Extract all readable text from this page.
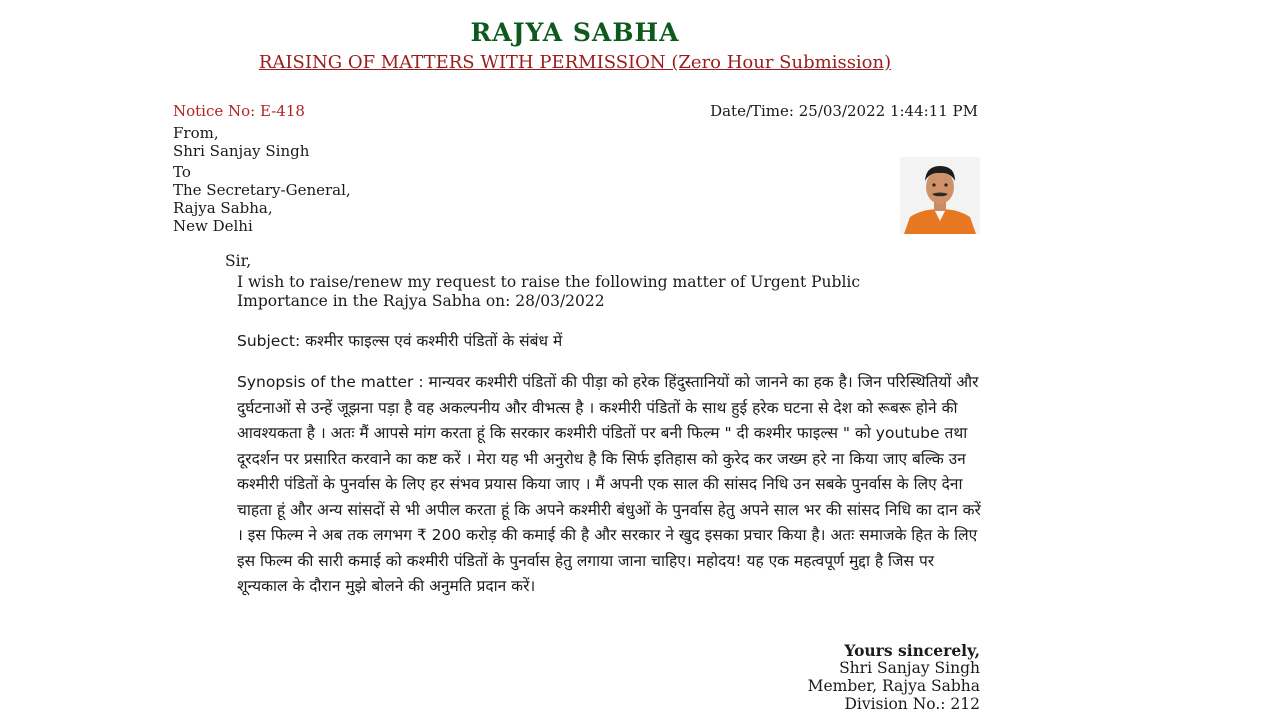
RAJYA SABHA
RAISING OF MATTERS WITH PERMISSION (Zero Hour Submission)
Notice No: E-418	Date/Time: 25/03/2022 1:44:11 PM
From,
Shri Sanjay Singh
To
The Secretary-General,
Rajya Sabha,
New Delhi
Sir,
I wish to raise/renew my request to raise the following matter of Urgent Public
Importance in the Rajya Sabha on: 28/03/2022
Subject: कश्मीर फाइल्स एवं कश्मीरी पंडितों के संबंध में
Synopsis of the matter : मान्यवर कश्मीरी पंडितों की पीड़ा को हरेक हिंदुस्तानियों को जानने का हक है। जिन परिस्थितियों और दुर्घटनाओं से उन्हें जूझना पड़ा है वह अकल्पनीय और वीभत्स है । कश्मीरी पंडितों के साथ हुई हरेक घटना से देश को रूबरू होने की आवश्यकता है । अतः मैं आपसे मांग करता हूं कि सरकार कश्मीरी पंडितों पर बनी फिल्म " दी कश्मीर फाइल्स " को youtube तथा दूरदर्शन पर प्रसारित करवाने का कष्ट करें । मेरा यह भी अनुरोध है कि सिर्फ इतिहास को कुरेद कर जख्म हरे ना किया जाए बल्कि उन कश्मीरी पंडितों के पुनर्वास के लिए हर संभव प्रयास किया जाए । मैं अपनी एक साल की सांसद निधि उन सबके पुनर्वास के लिए देना चाहता हूं और अन्य सांसदों से भी अपील करता हूं कि अपने कश्मीरी बंधुओं के पुनर्वास हेतु अपने साल भर की सांसद निधि का दान करें । इस फिल्म ने अब तक लगभग ₹ 200 करोड़ की कमाई की है और सरकार ने खुद इसका प्रचार किया है। अतः समाजके हित के लिए इस फिल्म की सारी कमाई को कश्मीरी पंडितों के पुनर्वास हेतु लगाया जाना चाहिए। महोदय! यह एक महत्वपूर्ण मुद्दा है जिस पर शून्यकाल के दौरान मुझे बोलने की अनुमति प्रदान करें।
Yours sincerely,
Shri Sanjay Singh
Member, Rajya Sabha
Division No.: 212
